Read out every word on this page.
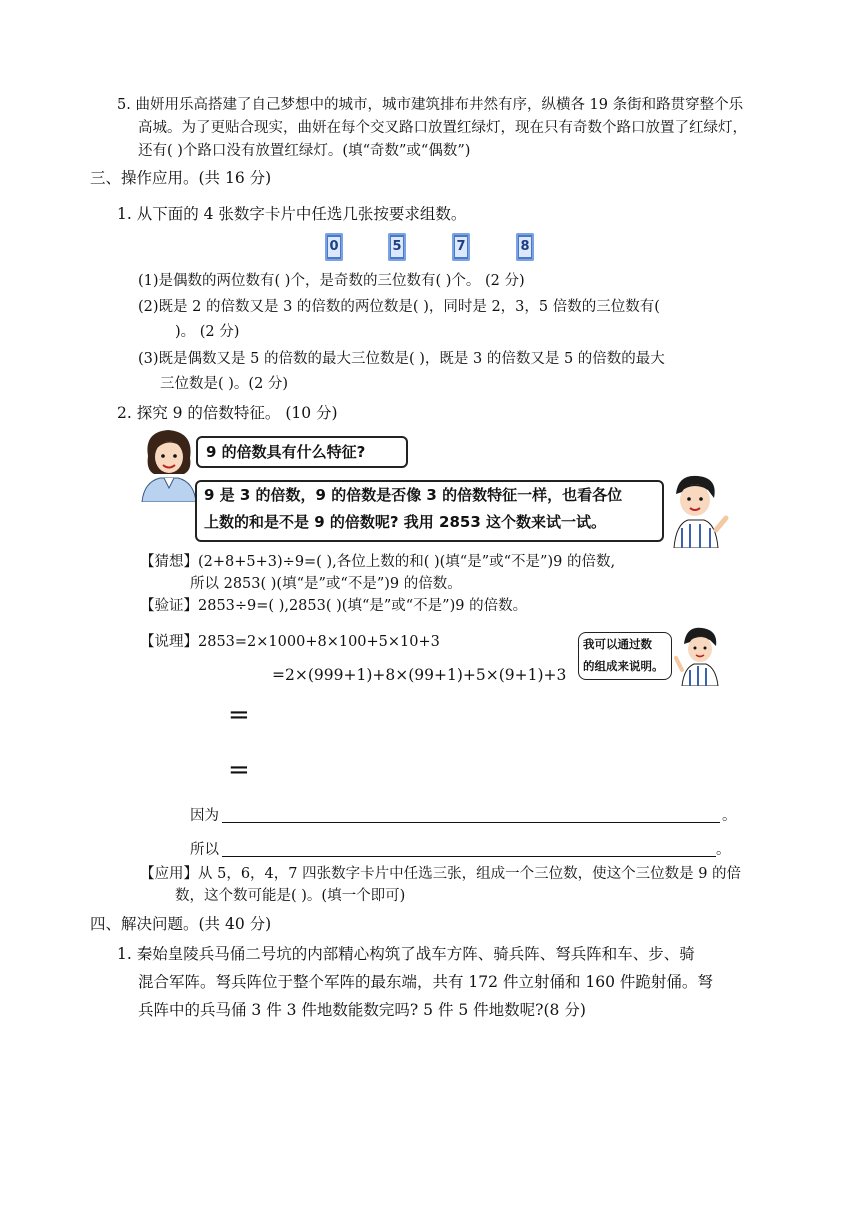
5. 曲妍用乐高搭建了自己梦想中的城市，城市建筑排布井然有序，纵横各 19 条街和路贯穿整个乐
高城。为了更贴合现实，曲妍在每个交叉路口放置红绿灯，现在只有奇数个路口放置了红绿灯，
还有( )个路口没有放置红绿灯。(填“奇数”或“偶数”)
三、操作应用。(共 16 分)
1. 从下面的 4 张数字卡片中任选几张按要求组数。
0	5	7	8
(1)是偶数的两位数有( )个，是奇数的三位数有( )个。 (2 分)
(2)既是 2 的倍数又是 3 的倍数的两位数是( )，同时是 2，3，5 倍数的三位数有(
)。 (2 分)
(3)既是偶数又是 5 的倍数的最大三位数是( )，既是 3 的倍数又是 5 的倍数的最大
三位数是( )。(2 分)
2. 探究 9 的倍数特征。 (10 分)
9 的倍数具有什么特征?
9 是 3 的倍数，9 的倍数是否像 3 的倍数特征一样，也看各位
上数的和是不是 9 的倍数呢? 我用 2853 这个数来试一试。
【猜想】(2+8+5+3)÷9=( ),各位上数的和( )(填“是”或“不是”)9 的倍数,
所以 2853( )(填“是”或“不是”)9 的倍数。
【验证】2853÷9=( ),2853( )(填“是”或“不是”)9 的倍数。
【说理】2853=2×1000+8×100+5×10+3
=2×(999+1)+8×(99+1)+5×(9+1)+3
我可以通过数
的组成来说明。
=
=
因为	。
所以	。
【应用】从 5，6，4，7 四张数字卡片中任选三张，组成一个三位数，使这个三位数是 9 的倍
数，这个数可能是( )。(填一个即可)
四、解决问题。(共 40 分)
1. 秦始皇陵兵马俑二号坑的内部精心构筑了战车方阵、骑兵阵、弩兵阵和车、步、骑
混合军阵。弩兵阵位于整个军阵的最东端，共有 172 件立射俑和 160 件跪射俑。弩
兵阵中的兵马俑 3 件 3 件地数能数完吗? 5 件 5 件地数呢?(8 分)
